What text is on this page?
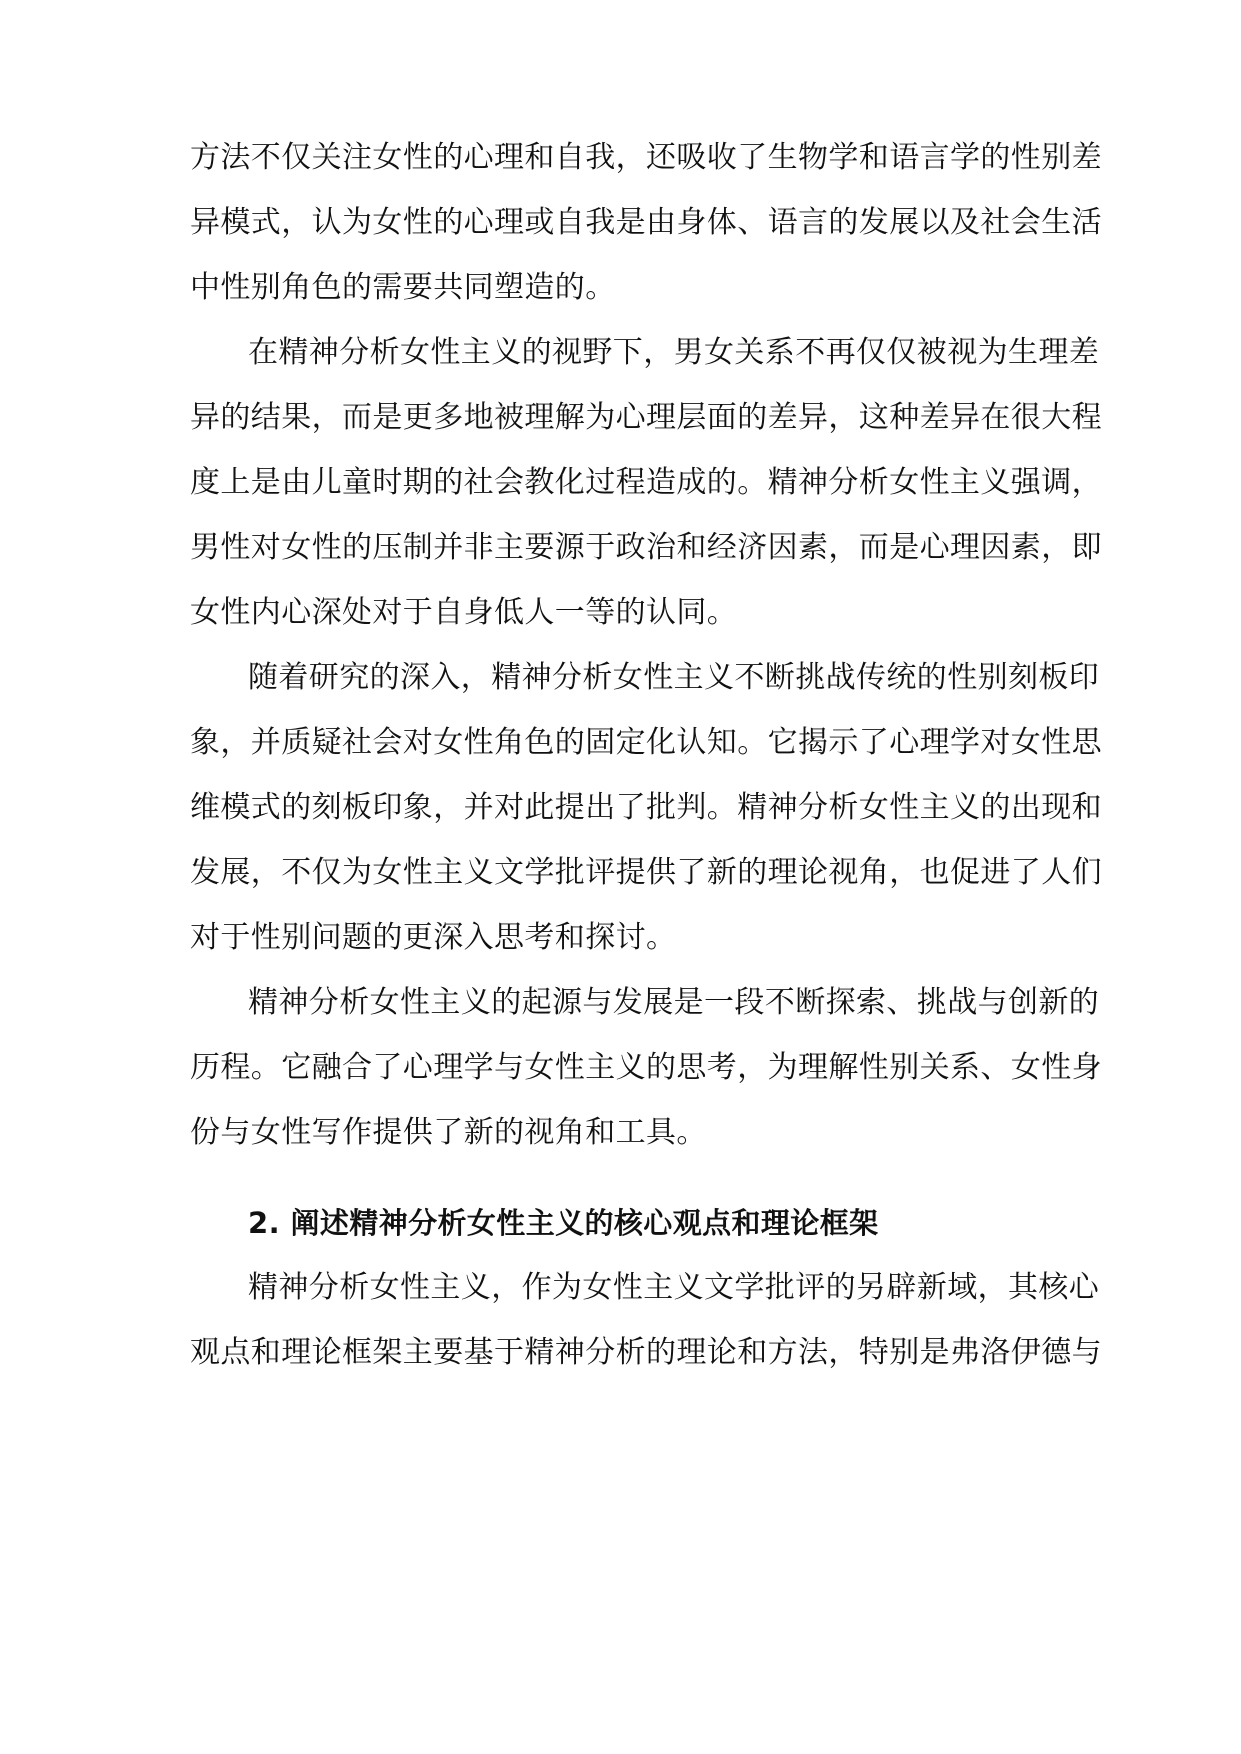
方法不仅关注女性的心理和自我，还吸收了生物学和语言学的性别差
异模式，认为女性的心理或自我是由身体、语言的发展以及社会生活
中性别角色的需要共同塑造的。
在精神分析女性主义的视野下，男女关系不再仅仅被视为生理差
异的结果，而是更多地被理解为心理层面的差异，这种差异在很大程
度上是由儿童时期的社会教化过程造成的。精神分析女性主义强调，
男性对女性的压制并非主要源于政治和经济因素，而是心理因素，即
女性内心深处对于自身低人一等的认同。
随着研究的深入，精神分析女性主义不断挑战传统的性别刻板印
象，并质疑社会对女性角色的固定化认知。它揭示了心理学对女性思
维模式的刻板印象，并对此提出了批判。精神分析女性主义的出现和
发展，不仅为女性主义文学批评提供了新的理论视角，也促进了人们
对于性别问题的更深入思考和探讨。
精神分析女性主义的起源与发展是一段不断探索、挑战与创新的
历程。它融合了心理学与女性主义的思考，为理解性别关系、女性身
份与女性写作提供了新的视角和工具。
2. 阐述精神分析女性主义的核心观点和理论框架
精神分析女性主义，作为女性主义文学批评的另辟新域，其核心
观点和理论框架主要基于精神分析的理论和方法，特别是弗洛伊德与
